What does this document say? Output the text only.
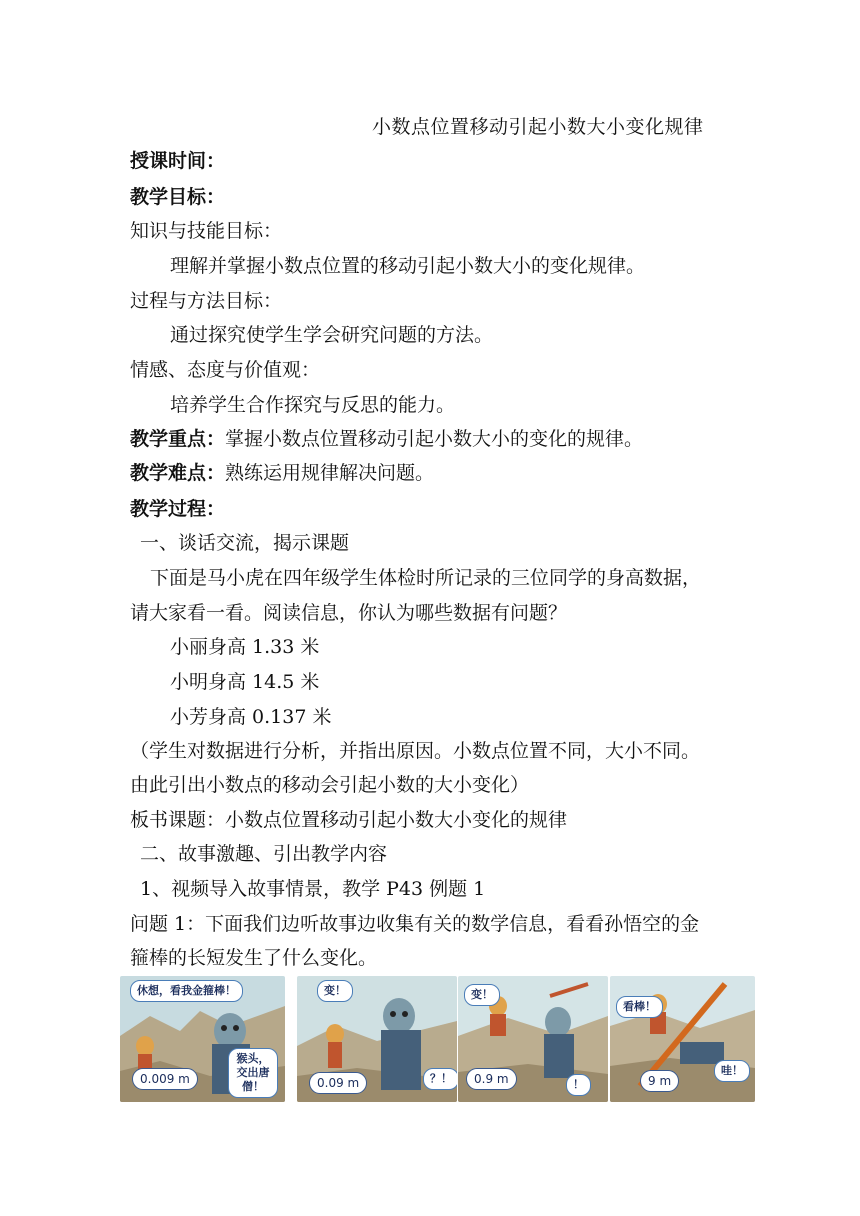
小数点位置移动引起小数大小变化规律
授课时间：
教学目标：
知识与技能目标：
理解并掌握小数点位置的移动引起小数大小的变化规律。
过程与方法目标：
通过探究使学生学会研究问题的方法。
情感、态度与价值观：
培养学生合作探究与反思的能力。
教学重点：掌握小数点位置移动引起小数大小的变化的规律。
教学难点：熟练运用规律解决问题。
教学过程：
一、谈话交流，揭示课题
下面是马小虎在四年级学生体检时所记录的三位同学的身高数据，
请大家看一看。阅读信息，你认为哪些数据有问题？
小丽身高 1.33 米
小明身高 14.5 米
小芳身高 0.137 米
（学生对数据进行分析，并指出原因。小数点位置不同，大小不同。
由此引出小数点的移动会引起小数的大小变化）
板书课题：小数点位置移动引起小数大小变化的规律
二、故事激趣、引出教学内容
1、视频导入故事情景，教学 P43 例题 1
问题 1：下面我们边听故事边收集有关的数学信息，看看孙悟空的金
箍棒的长短发生了什么变化。
休想，看我金箍棒！
猴头，交出唐僧！
0.009 m
变！
？！
0.09 m
变！
！
0.9 m
看棒！
哇！
9 m
